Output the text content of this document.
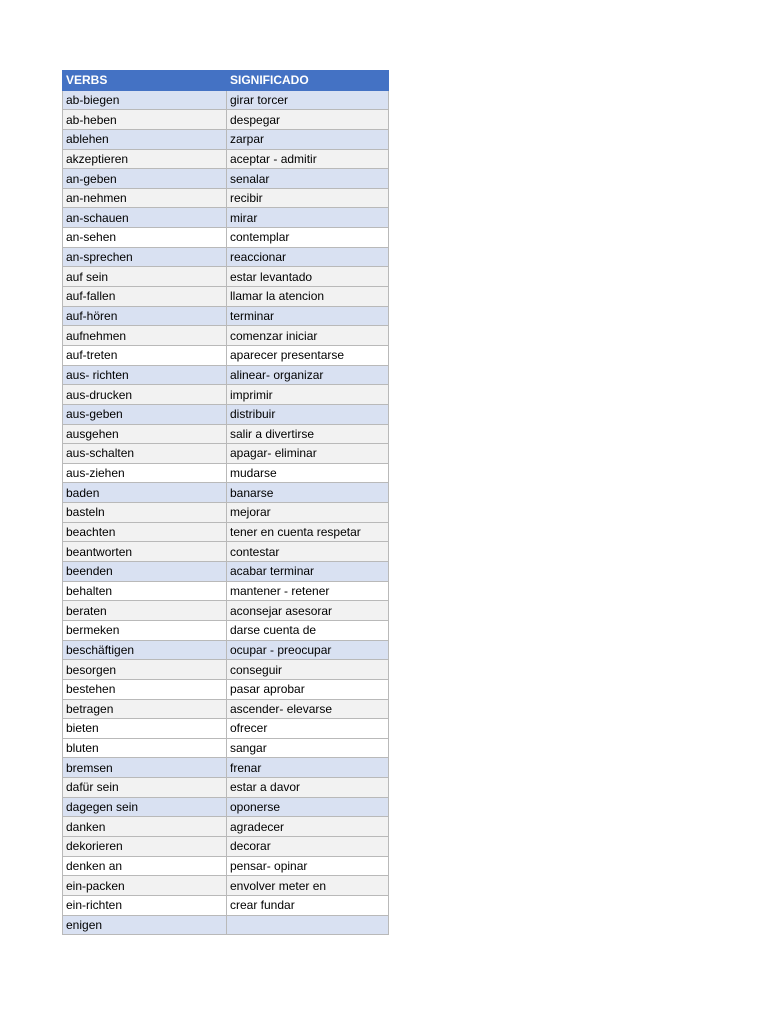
VERBS	SIGNIFICADO
ab-biegen	girar torcer
ab-heben	despegar
ablehen	zarpar
akzeptieren	aceptar - admitir
an-geben	senalar
an-nehmen	recibir
an-schauen	mirar
an-sehen	contemplar
an-sprechen	reaccionar
auf sein	estar levantado
auf-fallen	llamar la atencion
auf-hören	terminar
aufnehmen	comenzar iniciar
auf-treten	aparecer presentarse
aus- richten	alinear- organizar
aus-drucken	imprimir
aus-geben	distribuir
ausgehen	salir a divertirse
aus-schalten	apagar- eliminar
aus-ziehen	mudarse
baden	banarse
basteln	mejorar
beachten	tener en cuenta respetar
beantworten	contestar
beenden	acabar terminar
behalten	mantener - retener
beraten	aconsejar asesorar
bermeken	darse cuenta de
beschäftigen	ocupar - preocupar
besorgen	conseguir
bestehen	pasar aprobar
betragen	ascender- elevarse
bieten	ofrecer
bluten	sangar
bremsen	frenar
dafür sein	estar a davor
dagegen sein	oponerse
danken	agradecer
dekorieren	decorar
denken an	pensar- opinar
ein-packen	envolver meter en
ein-richten	crear fundar
enigen	
